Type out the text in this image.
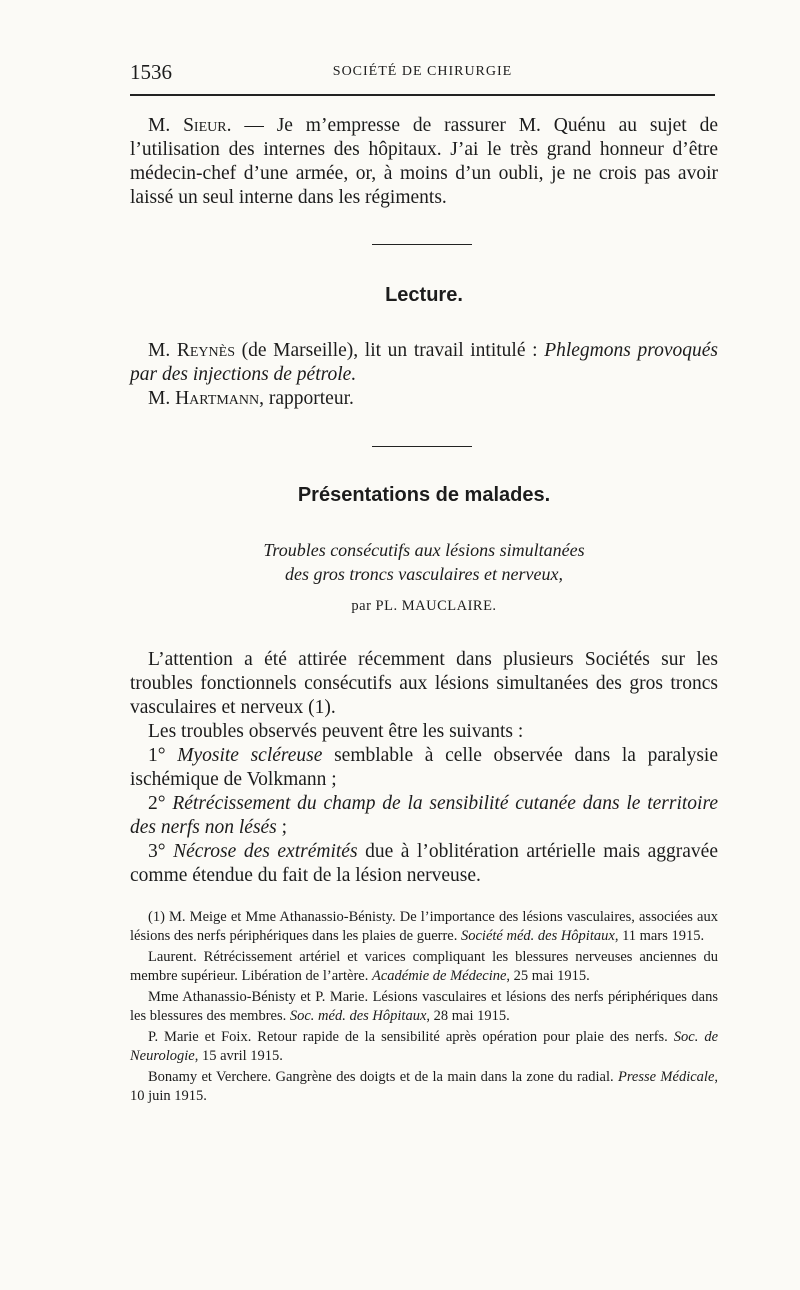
1536	SOCIÉTÉ DE CHIRURGIE

M. Sieur. — Je m’empresse de rassurer M. Quénu au sujet de l’utilisation des internes des hôpitaux. J’ai le très grand honneur d’être médecin-chef d’une armée, or, à moins d’un oubli, je ne crois pas avoir laissé un seul interne dans les régiments.

Lecture.

M. Reynès (de Marseille), lit un travail intitulé : Phlegmons provoqués par des injections de pétrole.

M. Hartmann, rapporteur.

Présentations de malades.
Troubles consécutifs aux lésions simultanées
des gros troncs vasculaires et nerveux,
par PL. MAUCLAIRE.

L’attention a été attirée récemment dans plusieurs Sociétés sur les troubles fonctionnels consécutifs aux lésions simultanées des gros troncs vasculaires et nerveux (1).

Les troubles observés peuvent être les suivants :

1° Myosite scléreuse semblable à celle observée dans la paralysie ischémique de Volkmann ;

2° Rétrécissement du champ de la sensibilité cutanée dans le territoire des nerfs non lésés ;

3° Nécrose des extrémités due à l’oblitération artérielle mais aggravée comme étendue du fait de la lésion nerveuse.

(1) M. Meige et Mme Athanassio-Bénisty. De l’importance des lésions vasculaires, associées aux lésions des nerfs périphériques dans les plaies de guerre. Société méd. des Hôpitaux, 11 mars 1915.

Laurent. Rétrécissement artériel et varices compliquant les blessures nerveuses anciennes du membre supérieur. Libération de l’artère. Académie de Médecine, 25 mai 1915.

Mme Athanassio-Bénisty et P. Marie. Lésions vasculaires et lésions des nerfs périphériques dans les blessures des membres. Soc. méd. des Hôpitaux, 28 mai 1915.

P. Marie et Foix. Retour rapide de la sensibilité après opération pour plaie des nerfs. Soc. de Neurologie, 15 avril 1915.

Bonamy et Verchere. Gangrène des doigts et de la main dans la zone du radial. Presse Médicale, 10 juin 1915.
